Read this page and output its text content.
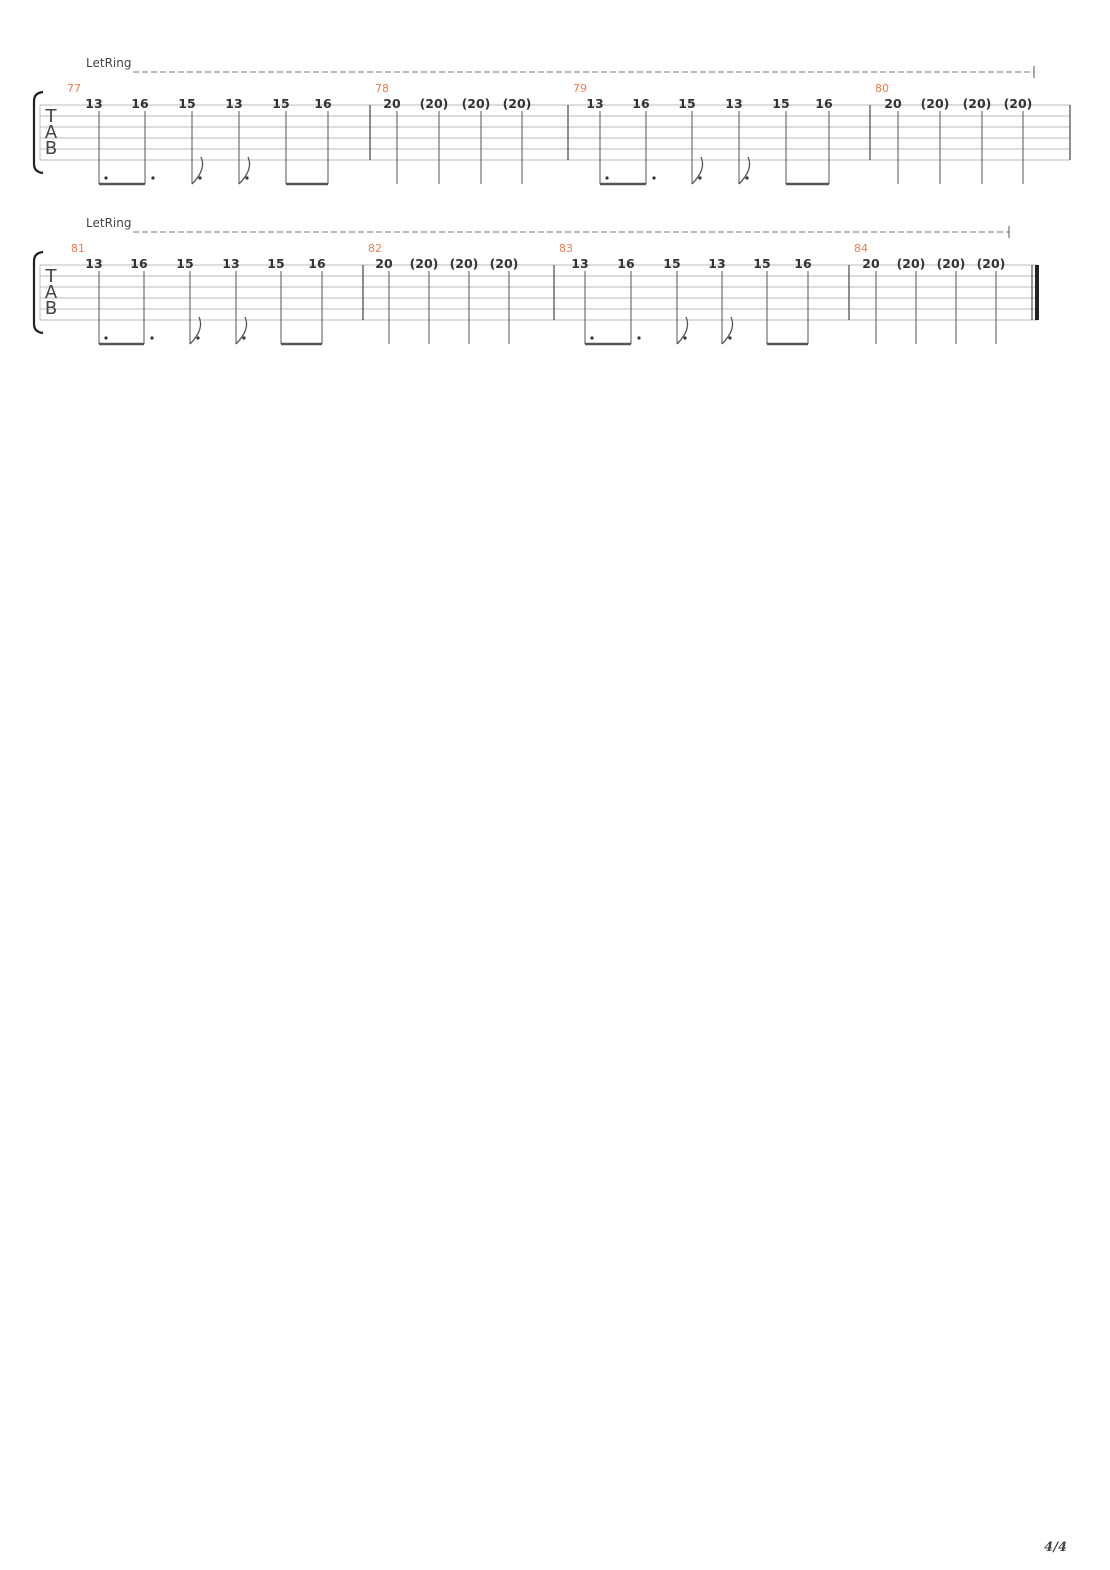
T
A
B
LetRing
77
13 16 15 13 15 16
78
20 (20) (20) (20)
79
13 16 15 13 15 16
80
20 (20) (20) (20)
T
A
B
LetRing
81
13 16 15 13 15 16
82
20 (20) (20) (20)
83
13 16 15 13 15 16
84
20 (20) (20) (20)
4/4
